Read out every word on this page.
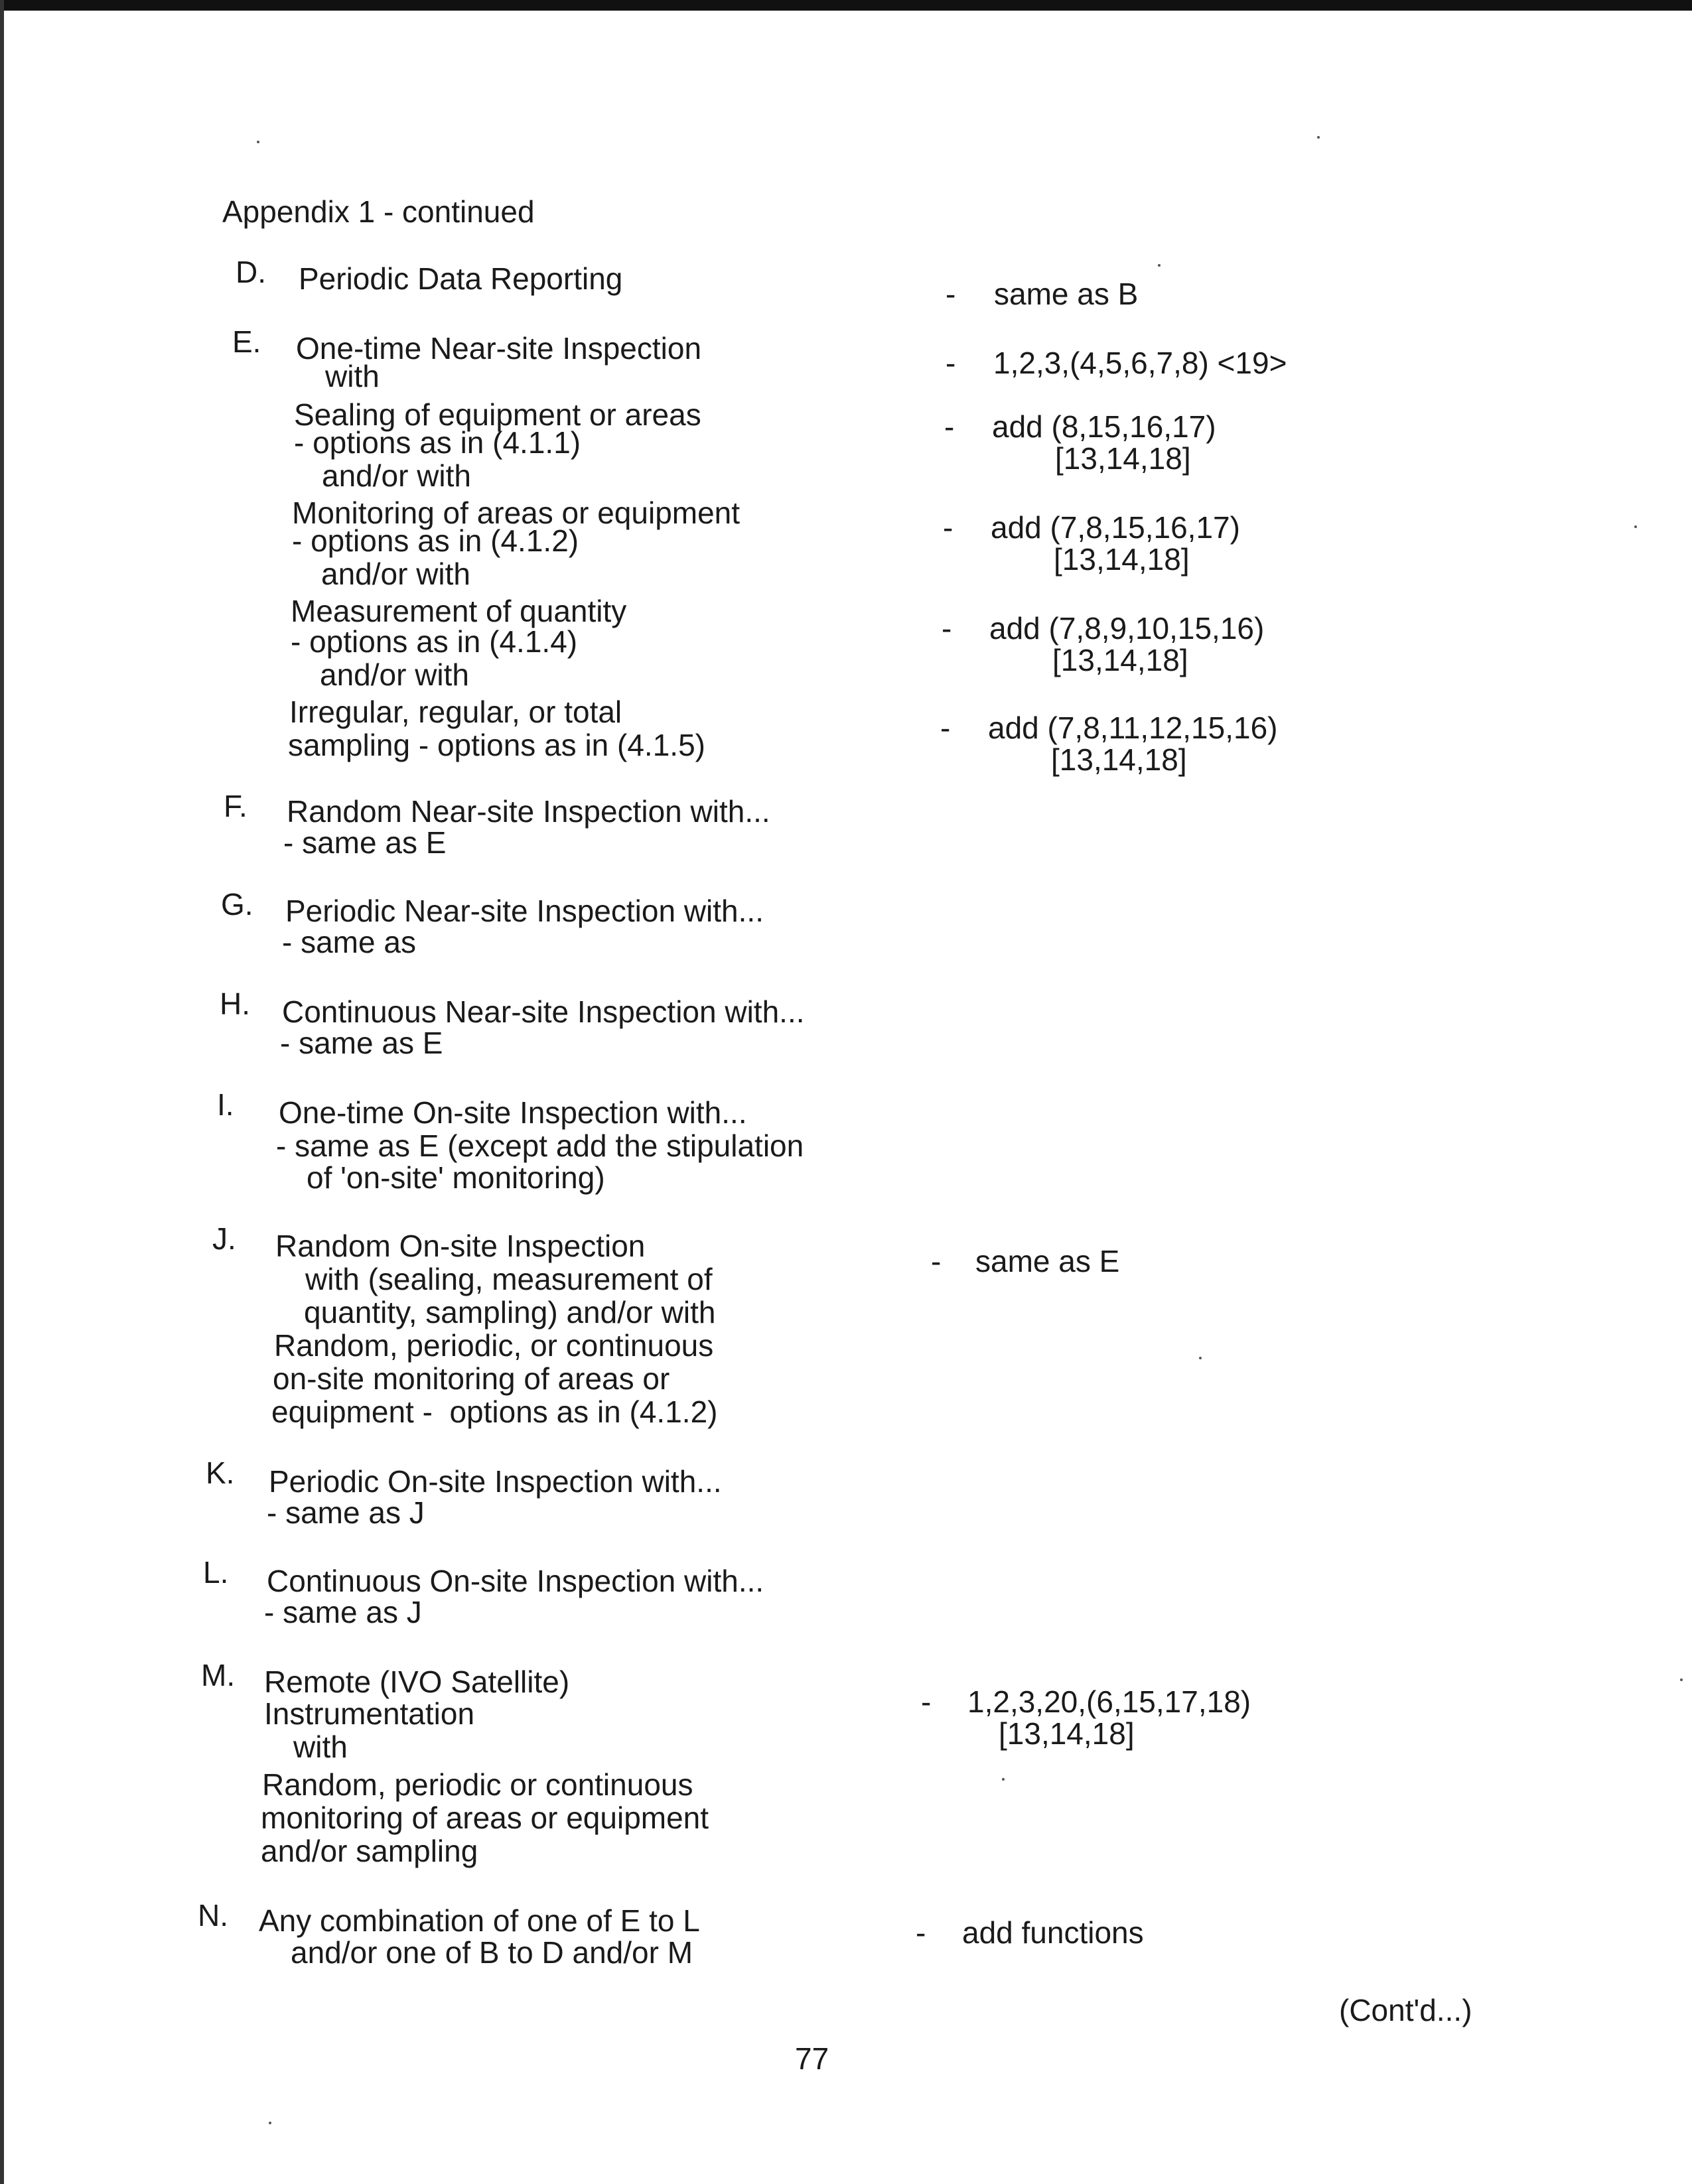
Appendix 1 - continued
D. Periodic Data Reporting
E. One-time Near-site Inspection
with
Sealing of equipment or areas
- options as in (4.1.1)
and/or with
Monitoring of areas or equipment
- options as in (4.1.2)
and/or with
Measurement of quantity
- options as in (4.1.4)
and/or with
Irregular, regular, or total
sampling - options as in (4.1.5)
F. Random Near-site Inspection with...
- same as E
G. Periodic Near-site Inspection with...
- same as
H. Continuous Near-site Inspection with...
- same as E
I. One-time On-site Inspection with...
- same as E (except add the stipulation
of 'on-site' monitoring)
J. Random On-site Inspection
with (sealing, measurement of
quantity, sampling) and/or with
Random, periodic, or continuous
on-site monitoring of areas or
equipment -  options as in (4.1.2)
K. Periodic On-site Inspection with...
- same as J
L. Continuous On-site Inspection with...
- same as J
M. Remote (IVO Satellite)
Instrumentation
with
Random, periodic or continuous
monitoring of areas or equipment
and/or sampling
N. Any combination of one of E to L
and/or one of B to D and/or M
- same as B
- 1,2,3,(4,5,6,7,8) <19>
- add (8,15,16,17)
[13,14,18]
- add (7,8,15,16,17)
[13,14,18]
- add (7,8,9,10,15,16)
[13,14,18]
- add (7,8,11,12,15,16)
[13,14,18]
- same as E
- 1,2,3,20,(6,15,17,18)
[13,14,18]
- add functions
(Cont'd...)
77
